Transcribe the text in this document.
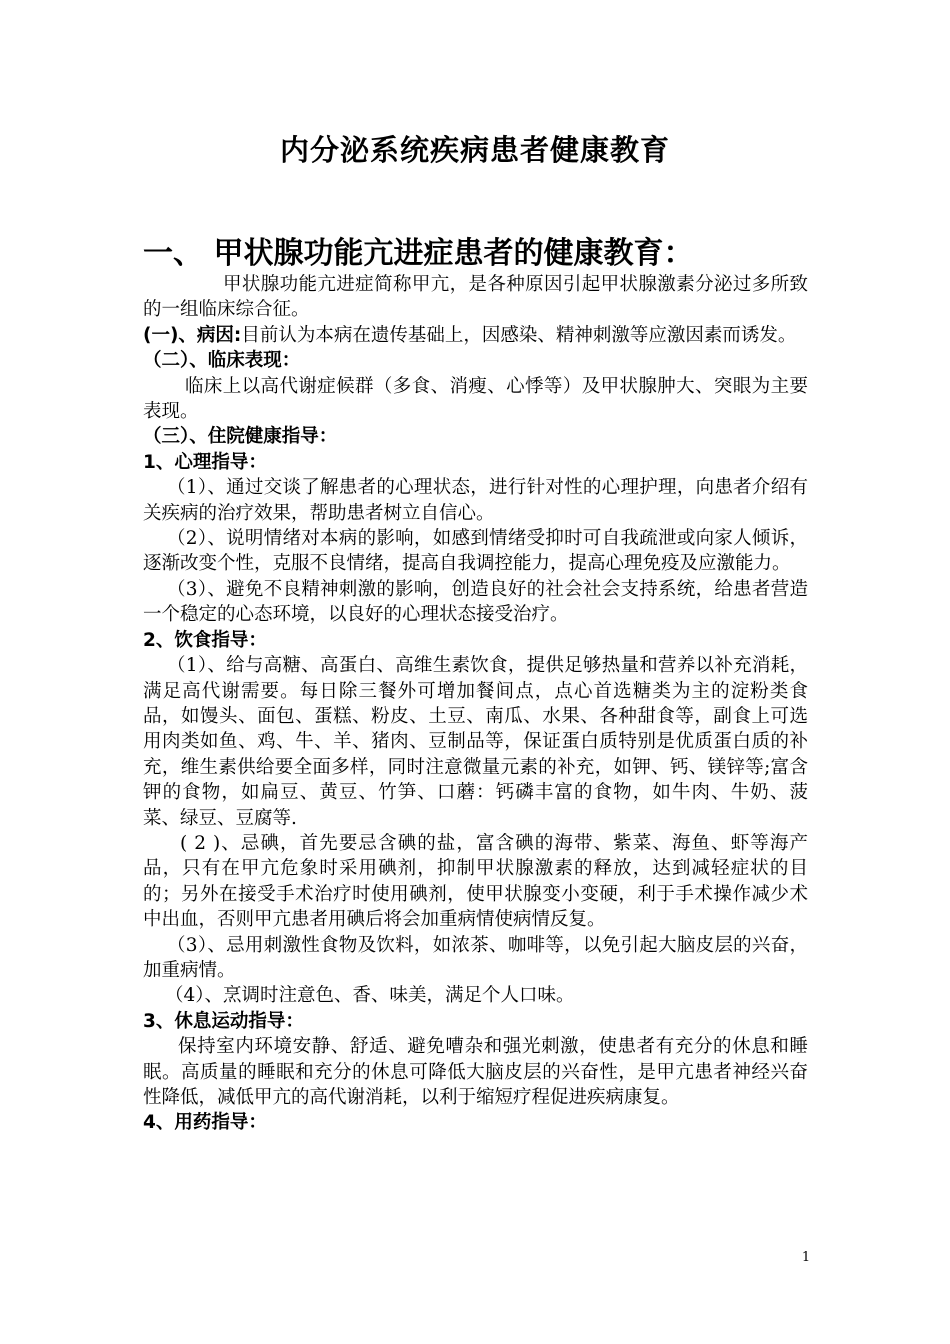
内分泌系统疾病患者健康教育
一、 甲状腺功能亢进症患者的健康教育：

甲状腺功能亢进症简称甲亢，是各种原因引起甲状腺激素分泌过多所致的一组临床综合征。

(一)、病因:目前认为本病在遗传基础上，因感染、精神刺激等应激因素而诱发。

（二）、临床表现：

临床上以高代谢症候群（多食、消瘦、心悸等）及甲状腺肿大、突眼为主要表现。

（三）、住院健康指导：

1、心理指导：

（1）、通过交谈了解患者的心理状态，进行针对性的心理护理，向患者介绍有关疾病的治疗效果，帮助患者树立自信心。

（2）、说明情绪对本病的影响，如感到情绪受抑时可自我疏泄或向家人倾诉，逐渐改变个性，克服不良情绪，提高自我调控能力，提高心理免疫及应激能力。

（3）、避免不良精神刺激的影响，创造良好的社会社会支持系统，给患者营造一个稳定的心态环境，以良好的心理状态接受治疗。

2、饮食指导：

（1）、给与高糖、高蛋白、高维生素饮食，提供足够热量和营养以补充消耗，满足高代谢需要。每日除三餐外可增加餐间点，点心首选糖类为主的淀粉类食品，如馒头、面包、蛋糕、粉皮、土豆、南瓜、水果、各种甜食等，副食上可选用肉类如鱼、鸡、牛、羊、猪肉、豆制品等，保证蛋白质特别是优质蛋白质的补充，维生素供给要全面多样，同时注意微量元素的补充，如钾、钙、镁锌等;富含钾的食物，如扁豆、黄豆、竹笋、口蘑：钙磷丰富的食物，如牛肉、牛奶、菠菜、绿豆、豆腐等.

( 2 )、忌碘，首先要忌含碘的盐，富含碘的海带、紫菜、海鱼、虾等海产品，只有在甲亢危象时采用碘剂，抑制甲状腺激素的释放，达到减轻症状的目的；另外在接受手术治疗时使用碘剂，使甲状腺变小变硬，利于手术操作减少术中出血，否则甲亢患者用碘后将会加重病情使病情反复。

（3）、忌用刺激性食物及饮料，如浓茶、咖啡等，以免引起大脑皮层的兴奋，加重病情。

（4）、烹调时注意色、香、味美，满足个人口味。

3、休息运动指导：

保持室内环境安静、舒适、避免嘈杂和强光刺激，使患者有充分的休息和睡眠。高质量的睡眠和充分的休息可降低大脑皮层的兴奋性，是甲亢患者神经兴奋性降低，减低甲亢的高代谢消耗，以利于缩短疗程促进疾病康复。

4、用药指导：

1
